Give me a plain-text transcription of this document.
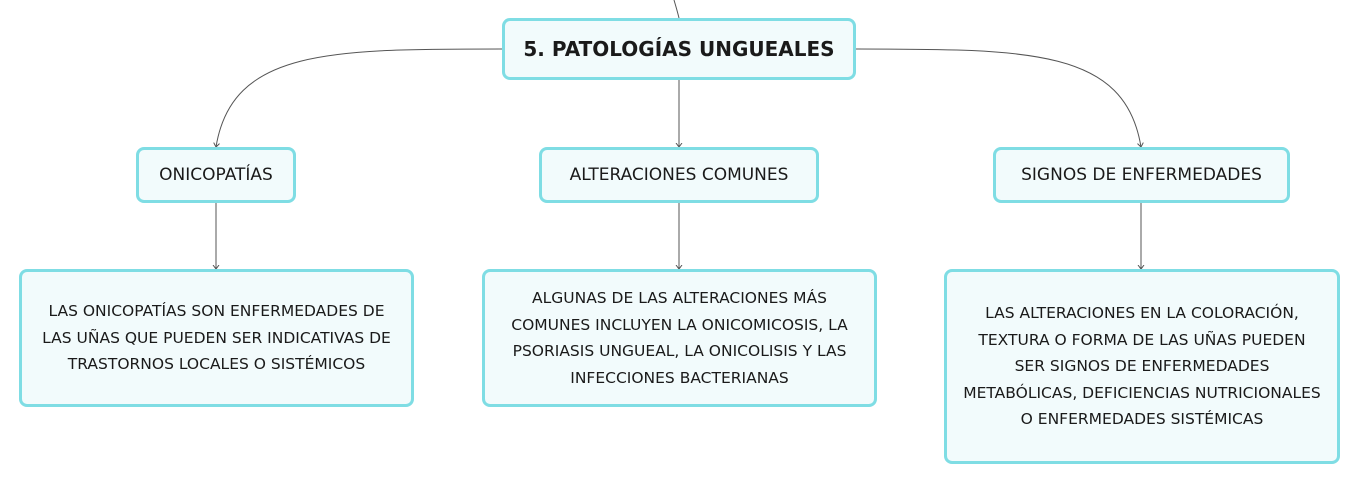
5. PATOLOGÍAS UNGUEALES
ONICOPATÍAS	ALTERACIONES COMUNES	SIGNOS DE ENFERMEDADES
LAS ONICOPATÍAS SON ENFERMEDADES DE LAS UÑAS QUE PUEDEN SER INDICATIVAS DE TRASTORNOS LOCALES O SISTÉMICOS
ALGUNAS DE LAS ALTERACIONES MÁS COMUNES INCLUYEN LA ONICOMICOSIS, LA PSORIASIS UNGUEAL, LA ONICOLISIS Y LAS INFECCIONES BACTERIANAS
LAS ALTERACIONES EN LA COLORACIÓN, TEXTURA O FORMA DE LAS UÑAS PUEDEN SER SIGNOS DE ENFERMEDADES METABÓLICAS, DEFICIENCIAS NUTRICIONALES O ENFERMEDADES SISTÉMICAS
